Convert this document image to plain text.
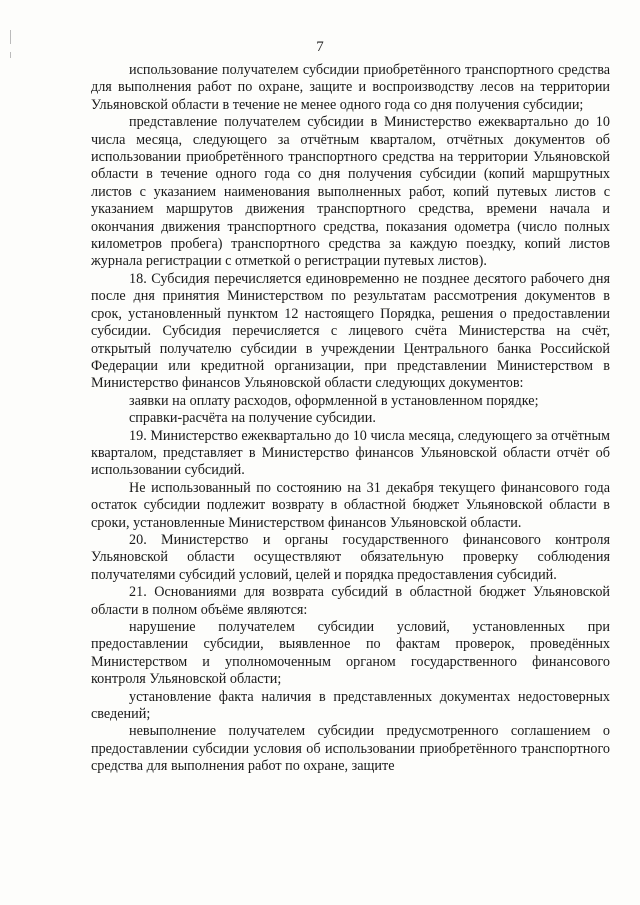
7

использование получателем субсидии приобретённого транспортного средства для выполнения работ по охране, защите и воспроизводству лесов на территории Ульяновской области в течение не менее одного года со дня получения субсидии;

представление получателем субсидии в Министерство ежеквартально до 10 числа месяца, следующего за отчётным кварталом, отчётных документов об использовании приобретённого транспортного средства на территории Ульяновской области в течение одного года со дня получения субсидии (копий маршрутных листов с указанием наименования выполненных работ, копий путевых листов с указанием маршрутов движения транспортного средства, времени начала и окончания движения транспортного средства, показания одометра (число полных километров пробега) транспортного средства за каждую поездку, копий листов журнала регистрации с отметкой о регистрации путевых листов).

18. Субсидия перечисляется единовременно не позднее десятого рабочего дня после дня принятия Министерством по результатам рассмотрения документов в срок, установленный пунктом 12 настоящего Порядка, решения о предоставлении субсидии. Субсидия перечисляется с лицевого счёта Министерства на счёт, открытый получателю субсидии в учреждении Центрального банка Российской Федерации или кредитной организации, при представлении Министерством в Министерство финансов Ульяновской области следующих документов:

заявки на оплату расходов, оформленной в установленном порядке;

справки-расчёта на получение субсидии.

19. Министерство ежеквартально до 10 числа месяца, следующего за отчётным кварталом, представляет в Министерство финансов Ульяновской области отчёт об использовании субсидий.

Не использованный по состоянию на 31 декабря текущего финансового года остаток субсидии подлежит возврату в областной бюджет Ульяновской области в сроки, установленные Министерством финансов Ульяновской области.

20. Министерство и органы государственного финансового контроля Ульяновской области осуществляют обязательную проверку соблюдения получателями субсидий условий, целей и порядка предоставления субсидий.

21. Основаниями для возврата субсидий в областной бюджет Ульяновской области в полном объёме являются:

нарушение получателем субсидии условий, установленных при предоставлении субсидии, выявленное по фактам проверок, проведённых Министерством и уполномоченным органом государственного финансового контроля Ульяновской области;

установление факта наличия в представленных документах недостоверных сведений;

невыполнение получателем субсидии предусмотренного соглашением о предоставлении субсидии условия об использовании приобретённого транспортного средства для выполнения работ по охране, защите
